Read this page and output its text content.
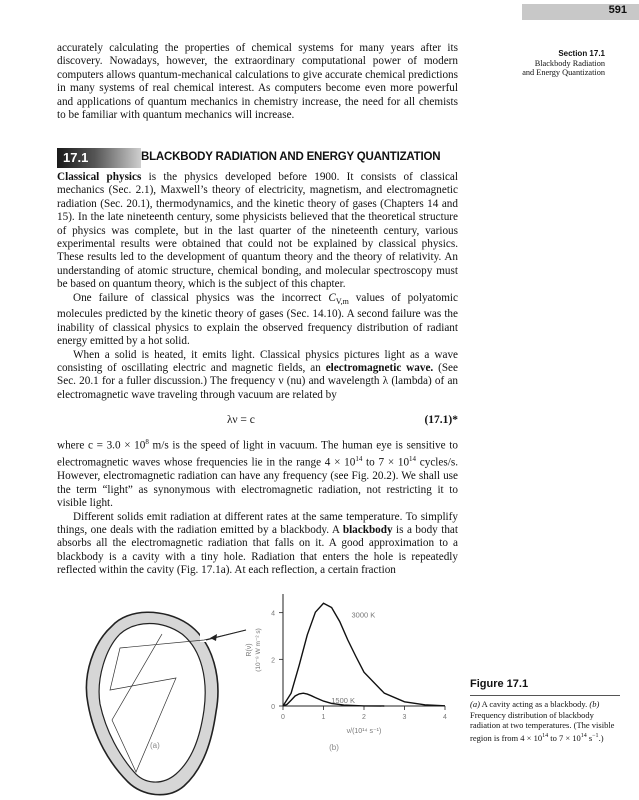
591
Section 17.1
Blackbody Radiation
and Energy Quantization

accurately calculating the properties of chemical systems for many years after its discovery. Nowadays, however, the extraordinary computational power of modern computers allows quantum-mechanical calculations to give accurate chemical predictions in many systems of real chemical interest. As computers become even more powerful and applications of quantum mechanics in chemistry increase, the need for all chemists to be familiar with quantum mechanics will increase.

17.1	BLACKBODY RADIATION AND ENERGY QUANTIZATION

Classical physics is the physics developed before 1900. It consists of classical mechanics (Sec. 2.1), Maxwell’s theory of electricity, magnetism, and electromagnetic radiation (Sec. 20.1), thermodynamics, and the kinetic theory of gases (Chapters 14 and 15). In the late nineteenth century, some physicists believed that the theoretical structure of physics was complete, but in the last quarter of the nineteenth century, various experimental results were obtained that could not be explained by classical physics. These results led to the development of quantum theory and the theory of relativity. An understanding of atomic structure, chemical bonding, and molecular spectroscopy must be based on quantum theory, which is the subject of this chapter.

One failure of classical physics was the incorrect $C_{V,m}$ values of polyatomic molecules predicted by the kinetic theory of gases (Sec. 14.10). A second failure was the inability of classical physics to explain the observed frequency distribution of radiant energy emitted by a hot solid.

When a solid is heated, it emits light. Classical physics pictures light as a wave consisting of oscillating electric and magnetic fields, an electromagnetic wave. (See Sec. 20.1 for a fuller discussion.) The frequency ν (nu) and wavelength λ (lambda) of an electromagnetic wave traveling through vacuum are related by

λν = c	(17.1)*

where $c = 3.0 \times 10^8$ m/s is the speed of light in vacuum. The human eye is sensitive to electromagnetic waves whose frequencies lie in the range $4 \times 10^{14}$ to $7 \times 10^{14}$ cycles/s. However, electromagnetic radiation can have any frequency (see Fig. 20.2). We shall use the term “light” as synonymous with electromagnetic radiation, not restricting it to visible light.

Different solids emit radiation at different rates at the same temperature. To simplify things, one deals with the radiation emitted by a blackbody. A blackbody is a body that absorbs all the electromagnetic radiation that falls on it. A good approximation to a blackbody is a cavity with a tiny hole. Radiation that enters the hole is repeatedly reflected within the cavity (Fig. 17.1a). At each reflection, a certain fraction

(a)
0	1	2	3	4
0
2
4	3000 K
1500 K
ν/(10¹⁴ s⁻¹)
R(ν) (10⁻⁸ W m⁻² s)
(b)
Figure 17.1
(a) A cavity acting as a blackbody. (b) Frequency distribution of blackbody radiation at two temperatures. (The visible region is from $4 \times 10^{14}$ to $7 \times 10^{14}$ $s^{-1}$.)
